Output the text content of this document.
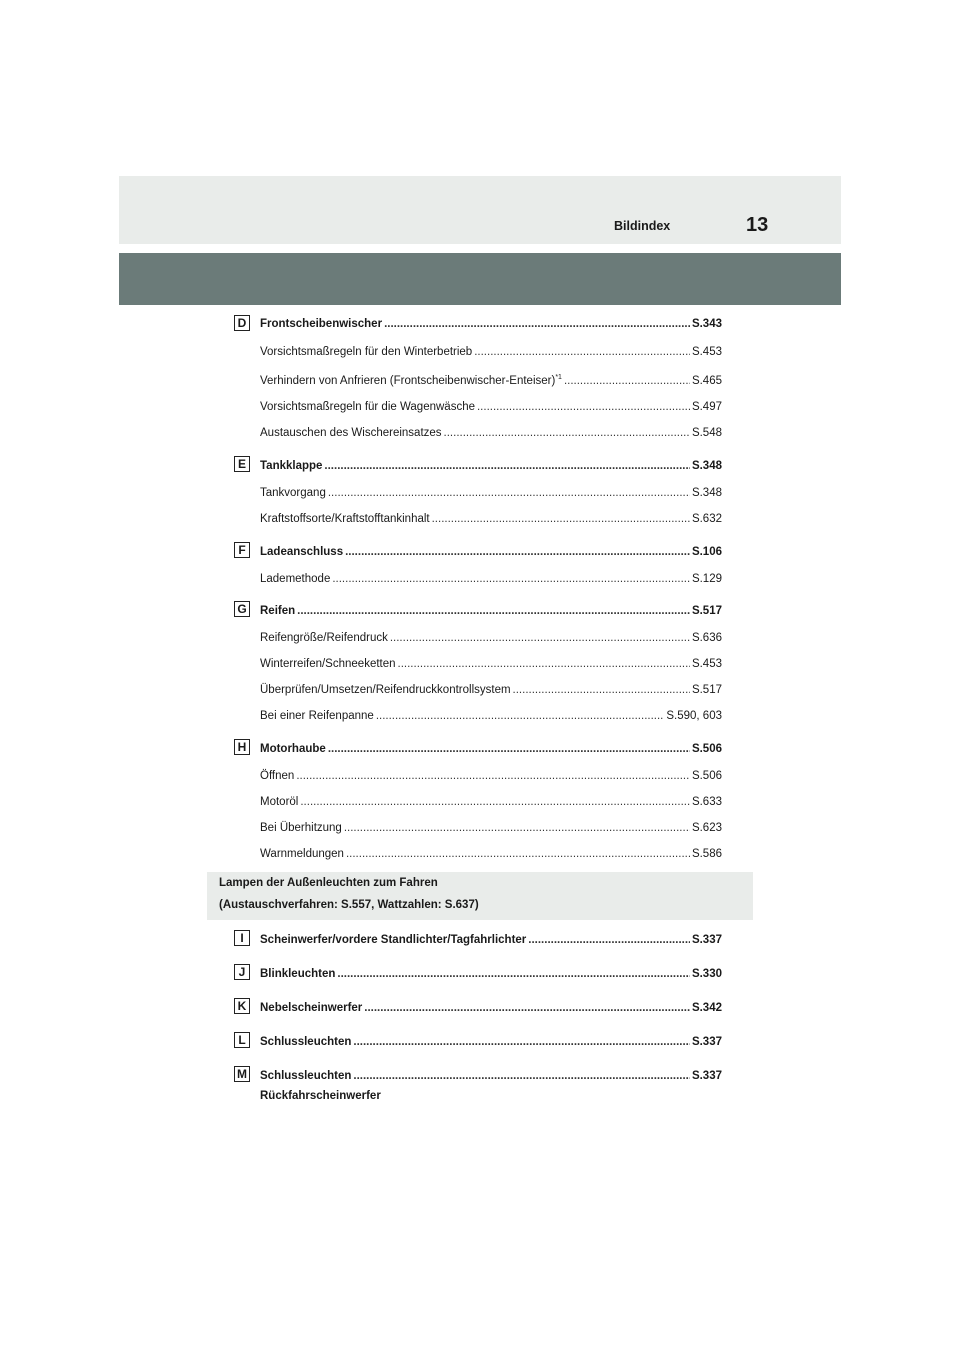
Bildindex	13
D	Frontscheibenwischer .....	S.343
Vorsichtsmaßregeln für den Winterbetrieb .....	S.453
Verhindern von Anfrieren (Frontscheibenwischer-Enteiser)$^{*1}$ .....	S.465
Vorsichtsmaßregeln für die Wagenwäsche .....	S.497
Austauschen des Wischereinsatzes .....	S.548
E	Tankklappe .....	S.348
Tankvorgang .....	S.348
Kraftstoffsorte/Kraftstofftankinhalt .....	S.632
F	Ladeanschluss .....	S.106
Lademethode .....	S.129
G Reifen .....	S.517
Reifengröße/Reifendruck .....	S.636
Winterreifen/Schneeketten .....	S.453
Überprüfen/Umsetzen/Reifendruckkontrollsystem .....	S.517
Bei einer Reifenpanne .....	S.590, 603
H	Motorhaube .....	S.506
Öffnen .....	S.506
Motoröl .....	S.633
Bei Überhitzung .....	S.623
Warnmeldungen .....	S.586
Lampen der Außenleuchten zum Fahren
(Austauschverfahren: S.557, Wattzahlen: S.637)
I	Scheinwerfer/vordere Standlichter/Tagfahrlichter .....	S.337
J	Blinkleuchten .....	S.330
K	Nebelscheinwerfer .....	S.342
L	Schlussleuchten .....	S.337
M Schlussleuchten .....	S.337
Rückfahrscheinwerfer
